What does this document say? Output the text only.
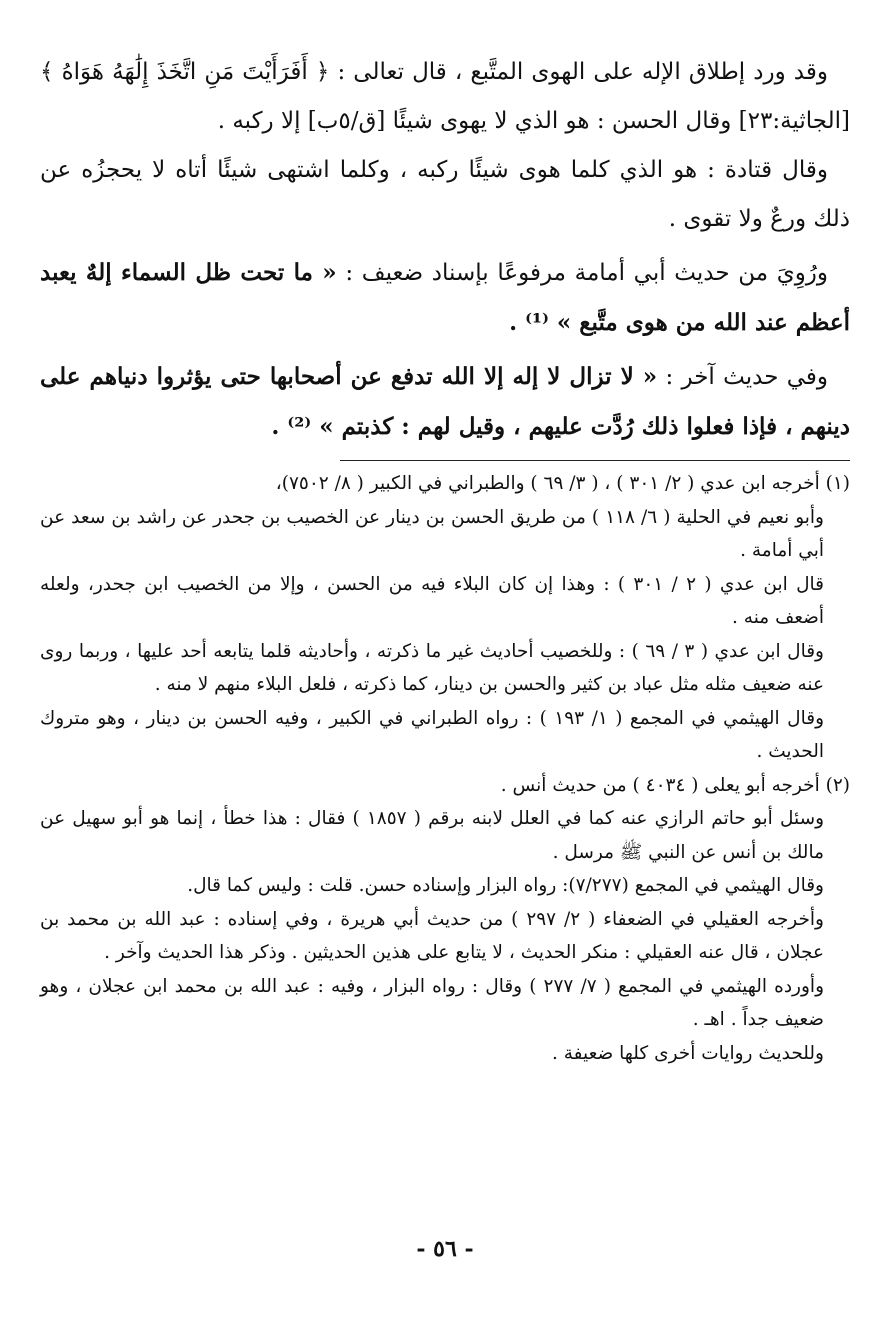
وقد ورد إطلاق الإله على الهوى المتَّبع ، قال تعالى : ﴿ أَفَرَأَيْتَ مَنِ اتَّخَذَ إِلَٰهَهُ هَوَاهُ ﴾ [الجاثية:٢٣] وقال الحسن : هو الذي لا يهوى شيئًا [ق/٥ب] إلا ركبه .

وقال قتادة : هو الذي كلما هوى شيئًا ركبه ، وكلما اشتهى شيئًا أتاه لا يحجزُه عن ذلك ورعٌ ولا تقوى .

ورُوِيَ من حديث أبي أمامة مرفوعًا بإسناد ضعيف : « ما تحت ظل السماء إلهٌ يعبد أعظم عند الله من هوى متَّبع » ⁽¹⁾ .

وفي حديث آخر : « لا تزال لا إله إلا الله تدفع عن أصحابها حتى يؤثروا دنياهم على دينهم ، فإذا فعلوا ذلك رُدَّت عليهم ، وقيل لهم : كذبتم » ⁽²⁾ .

(١) أخرجه ابن عدي ( ٢/ ٣٠١ ) ، ( ٣/ ٦٩ ) والطبراني في الكبير ( ٨/ ٧٥٠٢)،

وأبو نعيم في الحلية ( ٦/ ١١٨ ) من طريق الحسن بن دينار عن الخصيب بن جحدر عن راشد بن سعد عن أبي أمامة .

قال ابن عدي ( ٢ / ٣٠١ ) : وهذا إن كان البلاء فيه من الحسن ، وإلا من الخصيب ابن جحدر، ولعله أضعف منه .

وقال ابن عدي ( ٣ / ٦٩ ) : وللخصيب أحاديث غير ما ذكرته ، وأحاديثه قلما يتابعه أحد عليها ، وربما روى عنه ضعيف مثله مثل عباد بن كثير والحسن بن دينار، كما ذكرته ، فلعل البلاء منهم لا منه .

وقال الهيثمي في المجمع ( ١/ ١٩٣ ) : رواه الطبراني في الكبير ، وفيه الحسن بن دينار ، وهو متروك الحديث .

(٢) أخرجه أبو يعلى ( ٤٠٣٤ ) من حديث أنس .

وسئل أبو حاتم الرازي عنه كما في العلل لابنه برقم ( ١٨٥٧ ) فقال : هذا خطأ ، إنما هو أبو سهيل عن مالك بن أنس عن النبي ﷺ مرسل .

وقال الهيثمي في المجمع (٧/٢٧٧): رواه البزار وإسناده حسن. قلت : وليس كما قال.

وأخرجه العقيلي في الضعفاء ( ٢/ ٢٩٧ ) من حديث أبي هريرة ، وفي إسناده : عبد الله بن محمد بن عجلان ، قال عنه العقيلي : منكر الحديث ، لا يتابع على هذين الحديثين . وذكر هذا الحديث وآخر .

وأورده الهيثمي في المجمع ( ٧/ ٢٧٧ ) وقال : رواه البزار ، وفيه : عبد الله بن محمد ابن عجلان ، وهو ضعيف جداً . اهـ .

وللحديث روايات أخرى كلها ضعيفة .

- ٥٦ -
